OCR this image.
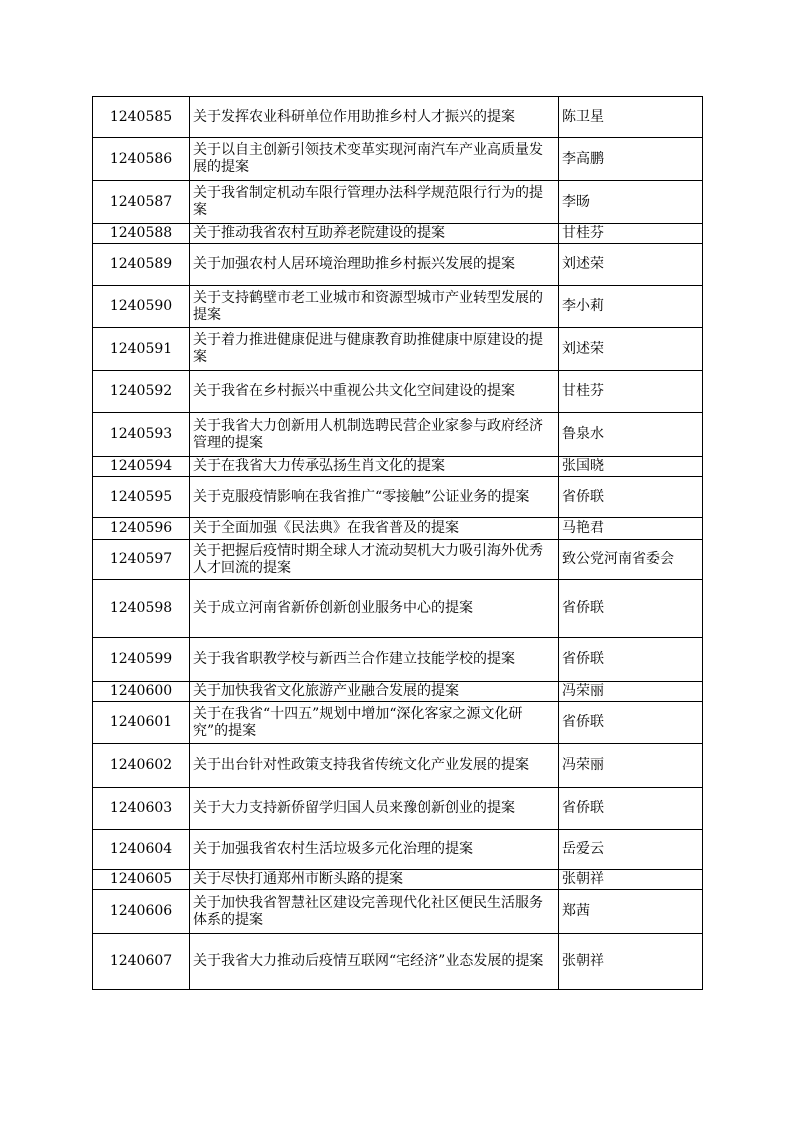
1240585	关于发挥农业科研单位作用助推乡村人才振兴的提案	陈卫星
1240586	关于以自主创新引领技术变革实现河南汽车产业高质量发展的提案	李高鹏
1240587	关于我省制定机动车限行管理办法科学规范限行行为的提案	李旸
1240588	关于推动我省农村互助养老院建设的提案	甘桂芬
1240589	关于加强农村人居环境治理助推乡村振兴发展的提案	刘述荣
1240590	关于支持鹤壁市老工业城市和资源型城市产业转型发展的提案	李小莉
1240591	关于着力推进健康促进与健康教育助推健康中原建设的提案	刘述荣
1240592	关于我省在乡村振兴中重视公共文化空间建设的提案	甘桂芬
1240593	关于我省大力创新用人机制选聘民营企业家参与政府经济管理的提案	鲁泉水
1240594	关于在我省大力传承弘扬生肖文化的提案	张国晓
1240595	关于克服疫情影响在我省推广“零接触”公证业务的提案	省侨联
1240596	关于全面加强《民法典》在我省普及的提案	马艳君
1240597	关于把握后疫情时期全球人才流动契机大力吸引海外优秀人才回流的提案	致公党河南省委会
1240598	关于成立河南省新侨创新创业服务中心的提案	省侨联
1240599	关于我省职教学校与新西兰合作建立技能学校的提案	省侨联
1240600	关于加快我省文化旅游产业融合发展的提案	冯荣丽
1240601	关于在我省“十四五”规划中增加“深化客家之源文化研究”的提案	省侨联
1240602	关于出台针对性政策支持我省传统文化产业发展的提案	冯荣丽
1240603	关于大力支持新侨留学归国人员来豫创新创业的提案	省侨联
1240604	关于加强我省农村生活垃圾多元化治理的提案	岳爱云
1240605	关于尽快打通郑州市断头路的提案	张朝祥
1240606	关于加快我省智慧社区建设完善现代化社区便民生活服务体系的提案	郑茜
1240607	关于我省大力推动后疫情互联网“宅经济”业态发展的提案	张朝祥
